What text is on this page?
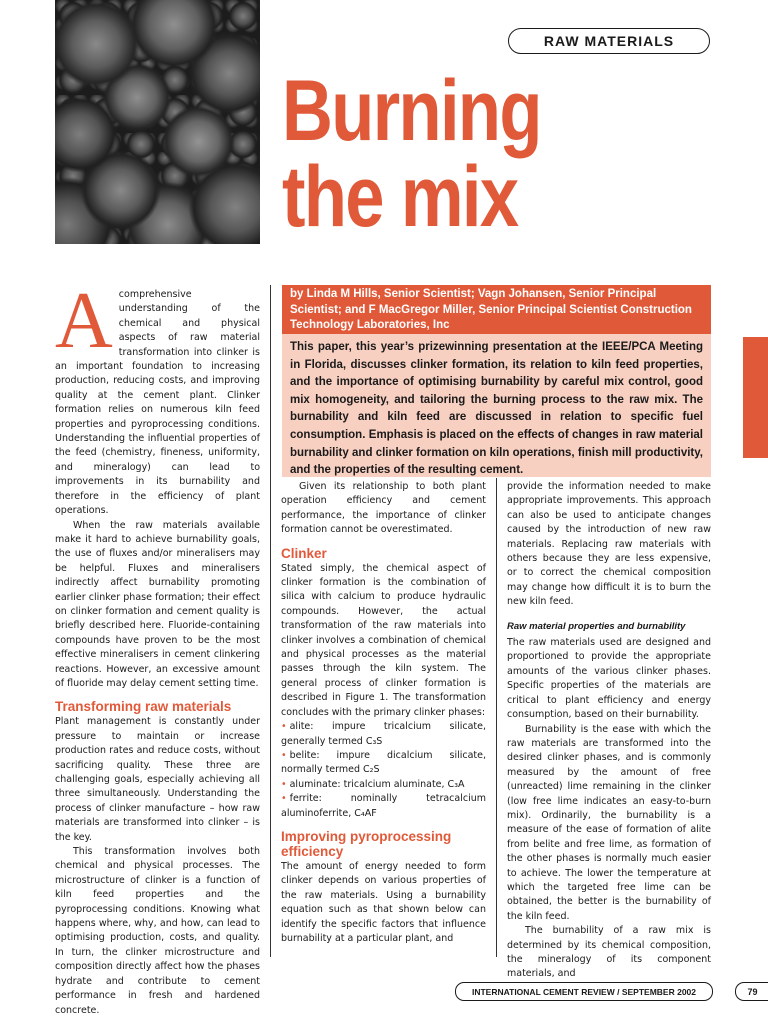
RAW MATERIALS
Burning
the mix
by Linda M Hills, Senior Scientist; Vagn Johansen, Senior Principal Scientist; and F MacGregor Miller, Senior Principal Scientist Construction Technology Laboratories, Inc

This paper, this year’s prizewinning presentation at the IEEE/PCA Meeting in Florida, discusses clinker formation, its relation to kiln feed properties, and the importance of optimising burnability by careful mix control, good mix homogeneity, and tailoring the burning process to the raw mix. The burnability and kiln feed are discussed in relation to specific fuel consumption. Emphasis is placed on the effects of changes in raw material burnability and clinker formation on kiln operations, finish mill productivity, and the properties of the resulting cement.

A comprehensive understanding of the chemical and physical aspects of raw material transformation into clinker is an important foundation to increasing production, reducing costs, and improving quality at the cement plant. Clinker formation relies on numerous kiln feed properties and pyroprocessing conditions. Understanding the influential properties of the feed (chemistry, fineness, uniformity, and mineralogy) can lead to improvements in its burnability and therefore in the efficiency of plant operations.

When the raw materials available make it hard to achieve burnability goals, the use of fluxes and/or mineralisers may be helpful. Fluxes and mineralisers indirectly affect burnability promoting earlier clinker phase formation; their effect on clinker formation and cement quality is briefly described here. Fluoride-containing compounds have proven to be the most effective mineralisers in cement clinkering reactions. However, an excessive amount of fluoride may delay cement setting time.

Transforming raw materials

Plant management is constantly under pressure to maintain or increase production rates and reduce costs, without sacrificing quality. These three are challenging goals, especially achieving all three simultaneously. Understanding the process of clinker manufacture – how raw materials are transformed into clinker – is the key.

This transformation involves both chemical and physical processes. The microstructure of clinker is a function of kiln feed properties and the pyroprocessing conditions. Knowing what happens where, why, and how, can lead to optimising production, costs, and quality. In turn, the clinker microstructure and composition directly affect how the phases hydrate and contribute to cement performance in fresh and hardened concrete.

Given its relationship to both plant operation efficiency and cement performance, the importance of clinker formation cannot be overestimated.

Clinker

Stated simply, the chemical aspect of clinker formation is the combination of silica with calcium to produce hydraulic compounds. However, the actual transformation of the raw materials into clinker involves a combination of chemical and physical processes as the material passes through the kiln system. The general process of clinker formation is described in Figure 1. The transformation concludes with the primary clinker phases:

• alite: impure tricalcium silicate, generally termed C₃S

• belite: impure dicalcium silicate, normally termed C₂S

• aluminate: tricalcium aluminate, C₃A

• ferrite: nominally tetracalcium aluminoferrite, C₄AF

Improving pyroprocessing efficiency

The amount of energy needed to form clinker depends on various properties of the raw materials. Using a burnability equation such as that shown below can identify the specific factors that influence burnability at a particular plant, and

provide the information needed to make appropriate improvements. This approach can also be used to anticipate changes caused by the introduction of new raw materials. Replacing raw materials with others because they are less expensive, or to correct the chemical composition may change how difficult it is to burn the new kiln feed.

Raw material properties and burnability

The raw materials used are designed and proportioned to provide the appropriate amounts of the various clinker phases. Specific properties of the materials are critical to plant efficiency and energy consumption, based on their burnability.

Burnability is the ease with which the raw materials are transformed into the desired clinker phases, and is commonly measured by the amount of free (unreacted) lime remaining in the clinker (low free lime indicates an easy-to-burn mix). Ordinarily, the burnability is a measure of the ease of formation of alite from belite and free lime, as formation of the other phases is normally much easier to achieve. The lower the temperature at which the targeted free lime can be obtained, the better is the burnability of the kiln feed.

The burnability of a raw mix is determined by its chemical composition, the mineralogy of its component materials, and

INTERNATIONAL CEMENT REVIEW / SEPTEMBER 2002	79
